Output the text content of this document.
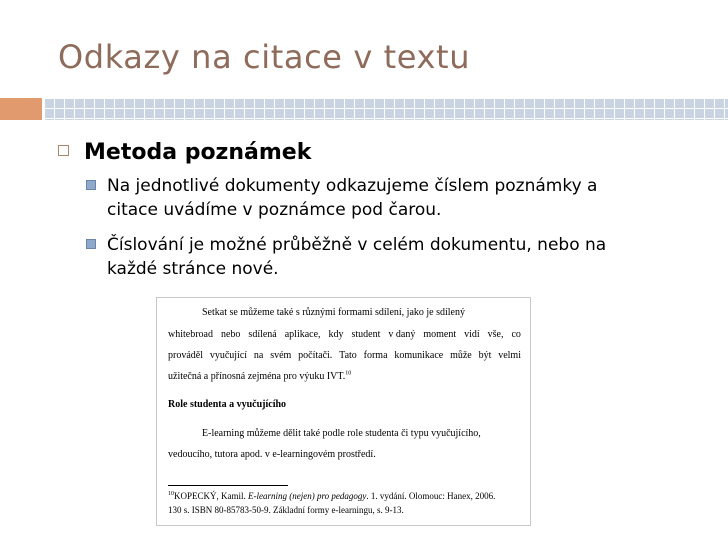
Odkazy na citace v textu
Metoda poznámek
Na jednotlivé dokumenty odkazujeme číslem poznámky a
citace uvádíme v poznámce pod čarou.
Číslování je možné průběžně v celém dokumentu, nebo na
každé stránce nové.
Setkat se můžeme také s různými formami sdílení, jako je sdílený
whitebroad nebo sdílená aplikace, kdy student v daný moment vidí vše, co
prováděl vyučující na svém počítači. Tato forma komunikace může být velmi
užitečná a přínosná zejména pro výuku IVT.$^{10}$
Role studenta a vyučujícího
E-learning můžeme dělit také podle role studenta či typu vyučujícího,
vedoucího, tutora apod. v e-learningovém prostředí.
$^{10}$KOPECKÝ, Kamil. E-learning (nejen) pro pedagogy. 1. vydání. Olomouc: Hanex, 2006.
130 s. ISBN 80-85783-50-9. Základní formy e-learningu, s. 9-13.
